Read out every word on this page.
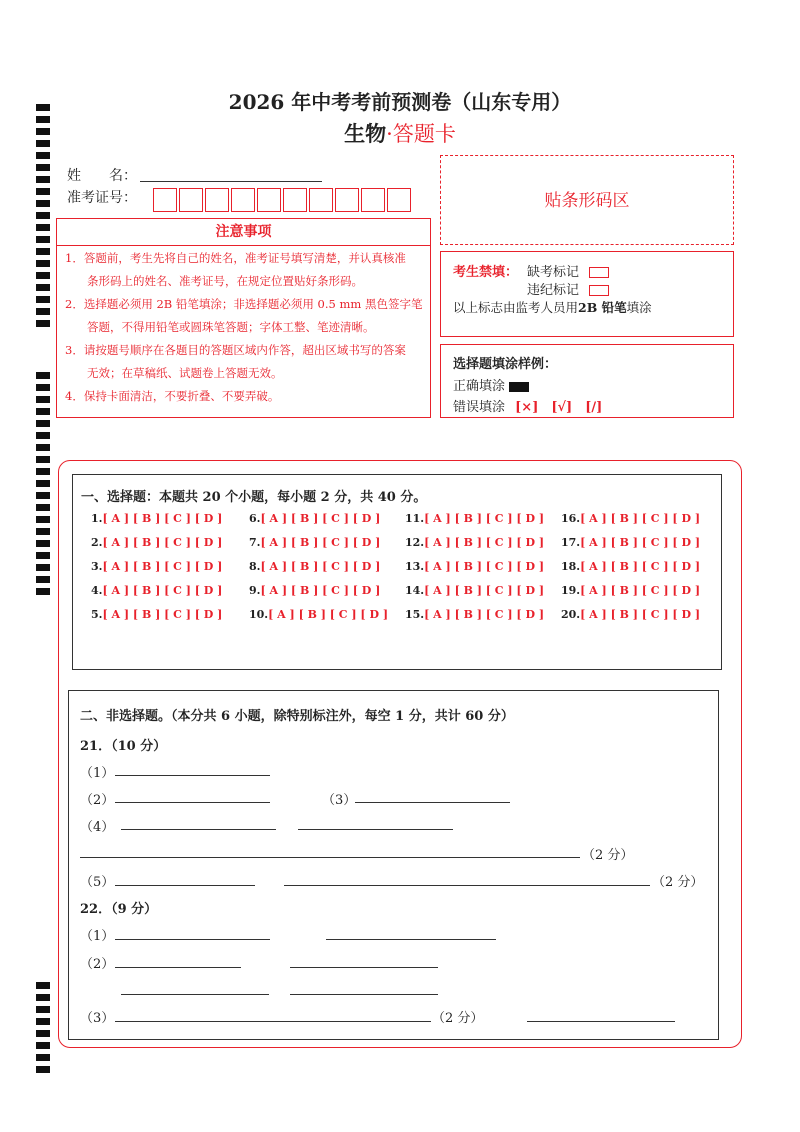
2026 年中考考前预测卷（山东专用）
生物·答题卡
姓　　名：
准考证号：	贴条形码区
注意事项
1．答题前，考生先将自己的姓名，准考证号填写清楚，并认真核准
条形码上的姓名、准考证号，在规定位置贴好条形码。
2．选择题必须用 2B 铅笔填涂；非选择题必须用 0.5 mm 黑色签字笔
答题，不得用铅笔或圆珠笔答题；字体工整、笔迹清晰。
3．请按题号顺序在各题目的答题区域内作答，超出区域书写的答案
无效；在草稿纸、试题卷上答题无效。
4．保持卡面清洁，不要折叠、不要弄破。
考生禁填： 缺考标记
违纪标记
以上标志由监考人员用2B 铅笔填涂
选择题填涂样例：
正确填涂
错误填涂 [×]　[√]　[/]
一、选择题：本题共 20 个小题，每小题 2 分，共 40 分。
1.[ A ] [ B ] [ C ] [ D ]
2.[ A ] [ B ] [ C ] [ D ]
3.[ A ] [ B ] [ C ] [ D ]
4.[ A ] [ B ] [ C ] [ D ]
5.[ A ] [ B ] [ C ] [ D ]
6.[ A ] [ B ] [ C ] [ D ]
7.[ A ] [ B ] [ C ] [ D ]
8.[ A ] [ B ] [ C ] [ D ]
9.[ A ] [ B ] [ C ] [ D ]
10.[ A ] [ B ] [ C ] [ D ]
11.[ A ] [ B ] [ C ] [ D ]
12.[ A ] [ B ] [ C ] [ D ]
13.[ A ] [ B ] [ C ] [ D ]
14.[ A ] [ B ] [ C ] [ D ]
15.[ A ] [ B ] [ C ] [ D ]
16.[ A ] [ B ] [ C ] [ D ]
17.[ A ] [ B ] [ C ] [ D ]
18.[ A ] [ B ] [ C ] [ D ]
19.[ A ] [ B ] [ C ] [ D ]
20.[ A ] [ B ] [ C ] [ D ]
二、非选择题。（本分共 6 小题，除特别标注外，每空 1 分，共计 60 分）
21．（10 分）
（1）
（2）	（3）
（4）
（2 分）
（5）	（2 分）
22．（9 分）
（1）
（2）
（3）	（2 分）
